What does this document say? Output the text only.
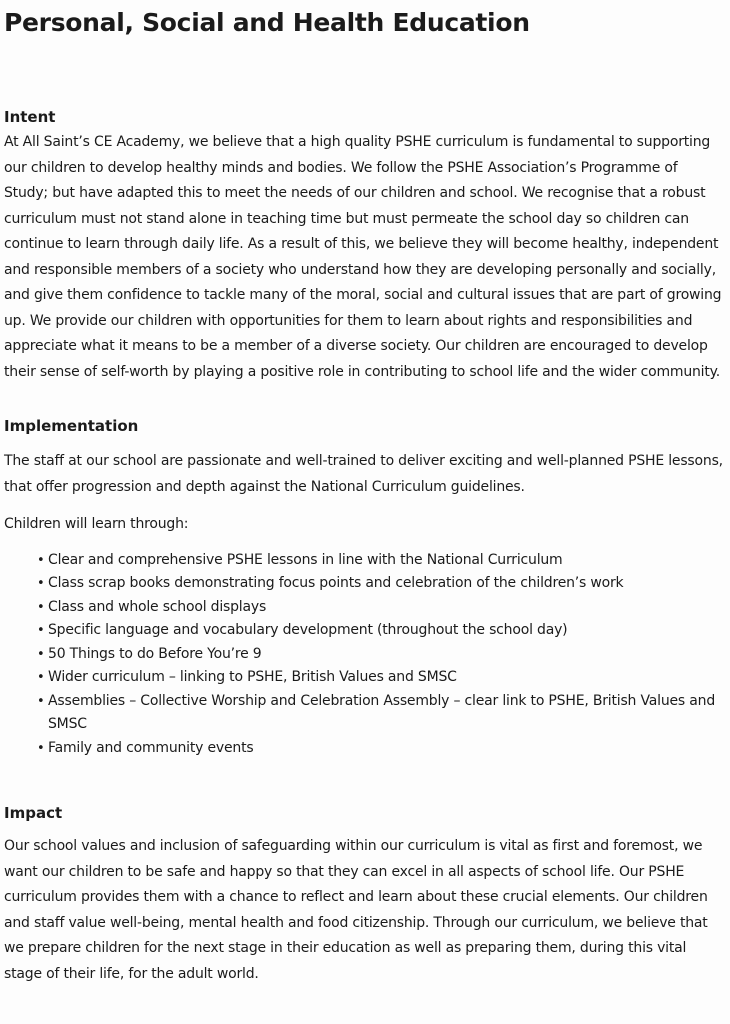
Personal, Social and Health Education
Intent

At All Saint’s CE Academy, we believe that a high quality PSHE curriculum is fundamental to supporting our children to develop healthy minds and bodies. We follow the PSHE Association’s Programme of Study; but have adapted this to meet the needs of our children and school. We recognise that a robust curriculum must not stand alone in teaching time but must permeate the school day so children can continue to learn through daily life. As a result of this, we believe they will become healthy, independent and responsible members of a society who understand how they are developing personally and socially, and give them confidence to tackle many of the moral, social and cultural issues that are part of growing up. We provide our children with opportunities for them to learn about rights and responsibilities and appreciate what it means to be a member of a diverse society. Our children are encouraged to develop their sense of self-worth by playing a positive role in contributing to school life and the wider community.

Implementation

The staff at our school are passionate and well-trained to deliver exciting and well-planned PSHE lessons, that offer progression and depth against the National Curriculum guidelines.

Children will learn through:

• Clear and comprehensive PSHE lessons in line with the National Curriculum
• Class scrap books demonstrating focus points and celebration of the children’s work
• Class and whole school displays
• Specific language and vocabulary development (throughout the school day)
• 50 Things to do Before You’re 9
• Wider curriculum – linking to PSHE, British Values and SMSC
• Assemblies – Collective Worship and Celebration Assembly – clear link to PSHE, British Values and SMSC
• Family and community events
Impact

Our school values and inclusion of safeguarding within our curriculum is vital as first and foremost, we want our children to be safe and happy so that they can excel in all aspects of school life. Our PSHE curriculum provides them with a chance to reflect and learn about these crucial elements. Our children and staff value well-being, mental health and food citizenship. Through our curriculum, we believe that we prepare children for the next stage in their education as well as preparing them, during this vital stage of their life, for the adult world.
